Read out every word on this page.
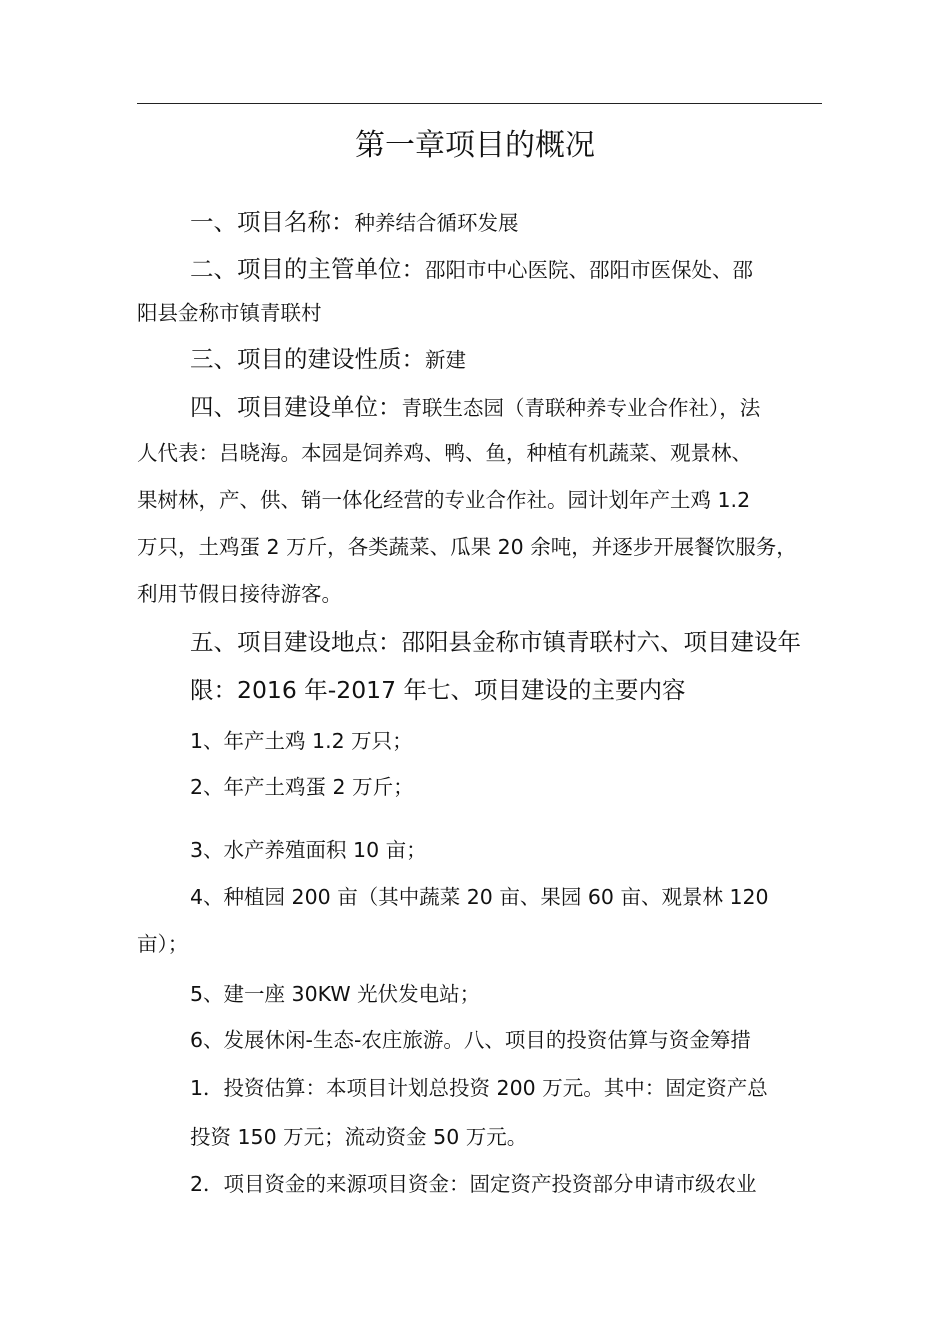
第一章项目的概况
一、项目名称：种养结合循环发展
二、项目的主管单位：邵阳市中心医院、邵阳市医保处、邵
阳县金称市镇青联村
三、项目的建设性质：新建
四、项目建设单位：青联生态园（青联种养专业合作社），法
人代表：吕晓海。本园是饲养鸡、鸭、鱼，种植有机蔬菜、观景林、
果树林，产、供、销一体化经营的专业合作社。园计划年产土鸡 1.2
万只，土鸡蛋 2 万斤，各类蔬菜、瓜果 20 余吨，并逐步开展餐饮服务，
利用节假日接待游客。
五、项目建设地点：邵阳县金称市镇青联村六、项目建设年
限：2016 年-2017 年七、项目建设的主要内容
1、年产土鸡 1.2 万只；
2、年产土鸡蛋 2 万斤；
3、水产养殖面积 10 亩；
4、种植园 200 亩（其中蔬菜 20 亩、果园 60 亩、观景林 120
亩）；
5、建一座 30KW 光伏发电站；
6、发展休闲-生态-农庄旅游。八、项目的投资估算与资金筹措
1．投资估算：本项目计划总投资 200 万元。其中：固定资产总
投资 150 万元；流动资金 50 万元。
2．项目资金的来源项目资金：固定资产投资部分申请市级农业
